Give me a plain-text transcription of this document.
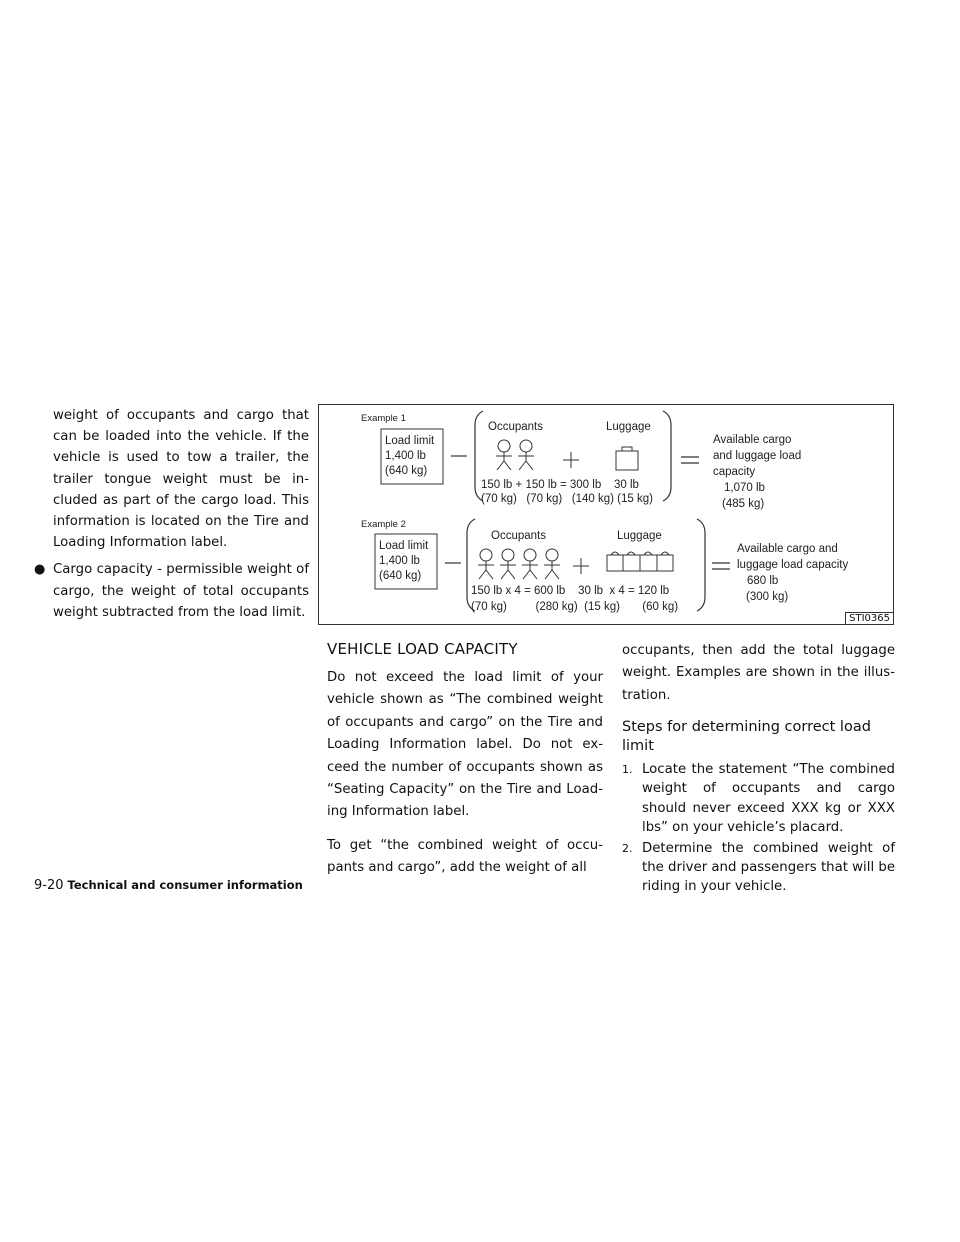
weight of occupants and cargo that can be loaded into the vehicle. If the vehicle is used to tow a trailer, the trailer tongue weight must be in-cluded as part of the cargo load. This information is located on the Tire and Loading Information label.

● Cargo capacity - permissible weight of cargo, the weight of total occupants weight subtracted from the load limit.

Example 1
Load limit
1,400 lb
(640 kg)
Occupants	Luggage
150 lb + 150 lb = 300 lb    30 lb
(70 kg)   (70 kg)   (140 kg) (15 kg)
Available cargo
and luggage load
capacity
1,070 lb
(485 kg)
Example 2
Load limit
1,400 lb
(640 kg)
Occupants	Luggage
150 lb x 4 = 600 lb    30 lb  x 4 = 120 lb
(70 kg)         (280 kg)  (15 kg)       (60 kg)
Available cargo and
luggage load capacity
680 lb
(300 kg)
STI0365
VEHICLE LOAD CAPACITY

Do not exceed the load limit of your vehicle shown as “The combined weight of occupants and cargo” on the Tire and Loading Information label. Do not ex-ceed the number of occupants shown as “Seating Capacity” on the Tire and Load-ing Information label.

To get “the combined weight of occu-pants and cargo”, add the weight of all

occupants, then add the total luggage weight. Examples are shown in the illus-tration.

Steps for determining correct load limit
1. Locate the statement “The combined weight of occupants and cargo should never exceed XXX kg or XXX lbs” on your vehicle’s placard.
2. Determine the combined weight of the driver and passengers that will be riding in your vehicle.
9-20 Technical and consumer information
